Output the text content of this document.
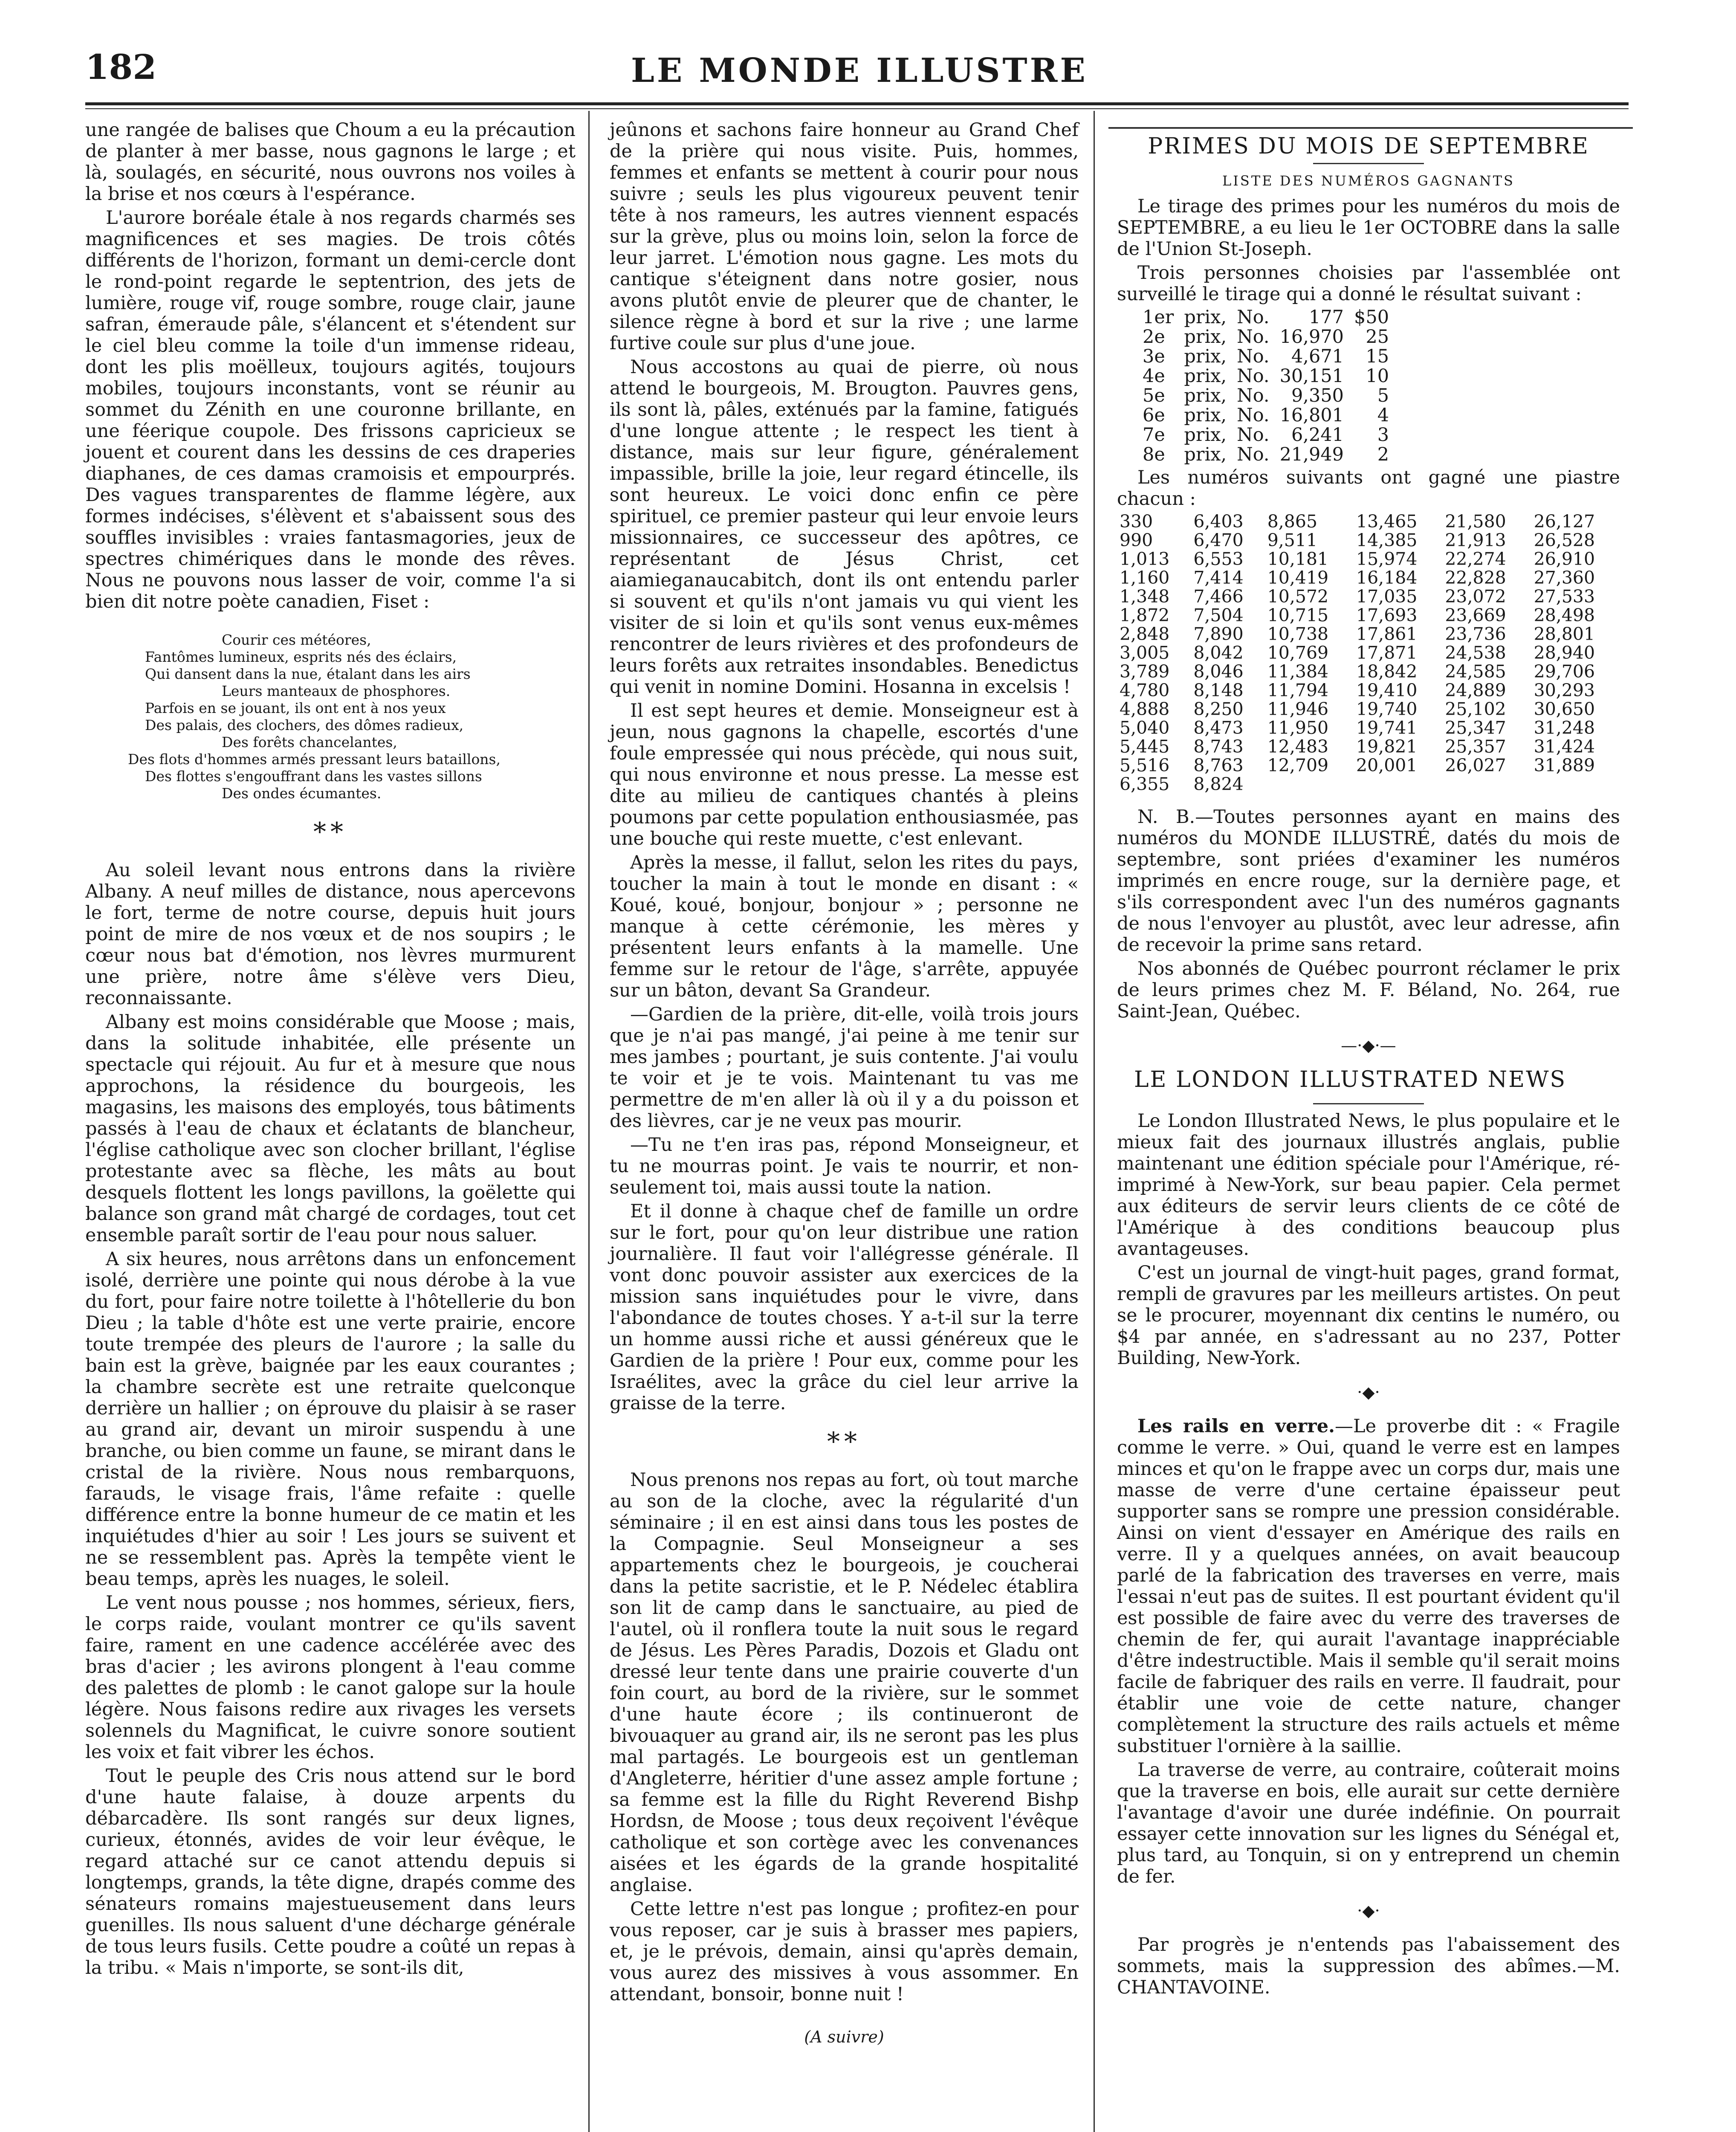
182	LE MONDE ILLUSTRE

une rangée de balises que Choum a eu la précaution de planter à mer basse, nous gagnons le large ; et là, soulagés, en sécurité, nous ouvrons nos voiles à la brise et nos cœurs à l'espérance.

L'aurore boréale étale à nos regards charmés ses magnificences et ses magies. De trois côtés différents de l'horizon, formant un demi-cercle dont le rond-point regarde le septentrion, des jets de lumière, rouge vif, rouge sombre, rouge clair, jaune safran, émeraude pâle, s'élancent et s'étendent sur le ciel bleu comme la toile d'un immense rideau, dont les plis moëlleux, toujours agités, toujours mobiles, toujours inconstants, vont se réunir au sommet du Zénith en une couronne brillante, en une féerique coupole. Des frissons capricieux se jouent et courent dans les dessins de ces draperies diaphanes, de ces damas cramoisis et empourprés. Des vagues transparentes de flamme légère, aux formes indécises, s'élèvent et s'abaissent sous des souffles invisibles : vraies fantasmagories, jeux de spectres chimériques dans le monde des rêves. Nous ne pouvons nous lasser de voir, comme l'a si bien dit notre poète canadien, Fiset :

Courir ces météores,
Fantômes lumineux, esprits nés des éclairs,
Qui dansent dans la nue, étalant dans les airs
Leurs manteaux de phosphores.
Parfois en se jouant, ils ont ent à nos yeux
Des palais, des clochers, des dômes radieux,
Des forêts chancelantes,
Des flots d'hommes armés pressant leurs bataillons,
Des flottes s'engouffrant dans les vastes sillons
Des ondes écumantes.
**

Au soleil levant nous entrons dans la rivière Albany. A neuf milles de distance, nous apercevons le fort, terme de notre course, depuis huit jours point de mire de nos vœux et de nos soupirs ; le cœur nous bat d'émotion, nos lèvres murmurent une prière, notre âme s'élève vers Dieu, reconnaissante.

Albany est moins considérable que Moose ; mais, dans la solitude inhabitée, elle présente un spectacle qui réjouit. Au fur et à mesure que nous approchons, la résidence du bourgeois, les magasins, les maisons des employés, tous bâtiments passés à l'eau de chaux et éclatants de blancheur, l'église catholique avec son clocher brillant, l'église protestante avec sa flèche, les mâts au bout desquels flottent les longs pavillons, la goëlette qui balance son grand mât chargé de cordages, tout cet ensemble paraît sortir de l'eau pour nous saluer.

A six heures, nous arrêtons dans un enfoncement isolé, derrière une pointe qui nous dérobe à la vue du fort, pour faire notre toilette à l'hôtellerie du bon Dieu ; la table d'hôte est une verte prairie, encore toute trempée des pleurs de l'aurore ; la salle du bain est la grève, baignée par les eaux courantes ; la chambre secrète est une retraite quelconque derrière un hallier ; on éprouve du plaisir à se raser au grand air, devant un miroir suspendu à une branche, ou bien comme un faune, se mirant dans le cristal de la rivière. Nous nous rembarquons, farauds, le visage frais, l'âme refaite : quelle différence entre la bonne humeur de ce matin et les inquiétudes d'hier au soir ! Les jours se suivent et ne se ressemblent pas. Après la tempête vient le beau temps, après les nuages, le soleil.

Le vent nous pousse ; nos hommes, sérieux, fiers, le corps raide, voulant montrer ce qu'ils savent faire, rament en une cadence accélérée avec des bras d'acier ; les avirons plongent à l'eau comme des palettes de plomb : le canot galope sur la houle légère. Nous faisons redire aux rivages les versets solennels du Magnificat, le cuivre sonore soutient les voix et fait vibrer les échos.

Tout le peuple des Cris nous attend sur le bord d'une haute falaise, à douze arpents du débarcadère. Ils sont rangés sur deux lignes, curieux, étonnés, avides de voir leur évêque, le regard attaché sur ce canot attendu depuis si longtemps, grands, la tête digne, drapés comme des sénateurs romains majestueusement dans leurs guenilles. Ils nous saluent d'une décharge générale de tous leurs fusils. Cette poudre a coûté un repas à la tribu. « Mais n'importe, se sont-ils dit,

jeûnons et sachons faire honneur au Grand Chef de la prière qui nous visite. Puis, hommes, femmes et enfants se mettent à courir pour nous suivre ; seuls les plus vigoureux peuvent tenir tête à nos rameurs, les autres viennent espacés sur la grève, plus ou moins loin, selon la force de leur jarret. L'émotion nous gagne. Les mots du cantique s'éteignent dans notre gosier, nous avons plutôt envie de pleurer que de chanter, le silence règne à bord et sur la rive ; une larme furtive coule sur plus d'une joue.

Nous accostons au quai de pierre, où nous attend le bourgeois, M. Brougton. Pauvres gens, ils sont là, pâles, exténués par la famine, fatigués d'une longue attente ; le respect les tient à distance, mais sur leur figure, généralement impassible, brille la joie, leur regard étincelle, ils sont heureux. Le voici donc enfin ce père spirituel, ce premier pasteur qui leur envoie leurs missionnaires, ce successeur des apôtres, ce représentant de Jésus Christ, cet aiamieganaucabitch, dont ils ont entendu parler si souvent et qu'ils n'ont jamais vu qui vient les visiter de si loin et qu'ils sont venus eux-mêmes rencontrer de leurs rivières et des profondeurs de leurs forêts aux retraites insondables. Benedictus qui venit in nomine Domini. Hosanna in excelsis !

Il est sept heures et demie. Monseigneur est à jeun, nous gagnons la chapelle, escortés d'une foule empressée qui nous précède, qui nous suit, qui nous environne et nous presse. La messe est dite au milieu de cantiques chantés à pleins poumons par cette population enthousiasmée, pas une bouche qui reste muette, c'est enlevant.

Après la messe, il fallut, selon les rites du pays, toucher la main à tout le monde en disant : « Koué, koué, bonjour, bonjour » ; personne ne manque à cette cérémonie, les mères y présentent leurs enfants à la mamelle. Une femme sur le retour de l'âge, s'arrête, appuyée sur un bâton, devant Sa Grandeur.

—Gardien de la prière, dit-elle, voilà trois jours que je n'ai pas mangé, j'ai peine à me tenir sur mes jambes ; pourtant, je suis contente. J'ai voulu te voir et je te vois. Maintenant tu vas me permettre de m'en aller là où il y a du poisson et des lièvres, car je ne veux pas mourir.

—Tu ne t'en iras pas, répond Monseigneur, et tu ne mourras point. Je vais te nourrir, et non-seulement toi, mais aussi toute la nation.

Et il donne à chaque chef de famille un ordre sur le fort, pour qu'on leur distribue une ration journalière. Il faut voir l'allégresse générale. Il vont donc pouvoir assister aux exercices de la mission sans inquiétudes pour le vivre, dans l'abondance de toutes choses. Y a-t-il sur la terre un homme aussi riche et aussi généreux que le Gardien de la prière ! Pour eux, comme pour les Israélites, avec la grâce du ciel leur arrive la graisse de la terre.

**

Nous prenons nos repas au fort, où tout marche au son de la cloche, avec la régularité d'un séminaire ; il en est ainsi dans tous les postes de la Compagnie. Seul Monseigneur a ses appartements chez le bourgeois, je coucherai dans la petite sacristie, et le P. Nédelec établira son lit de camp dans le sanctuaire, au pied de l'autel, où il ronflera toute la nuit sous le regard de Jésus. Les Pères Paradis, Dozois et Gladu ont dressé leur tente dans une prairie couverte d'un foin court, au bord de la rivière, sur le sommet d'une haute écore ; ils continueront de bivouaquer au grand air, ils ne seront pas les plus mal partagés. Le bourgeois est un gentleman d'Angleterre, héritier d'une assez ample fortune ; sa femme est la fille du Right Reverend Bishp Hordsn, de Moose ; tous deux reçoivent l'évêque catholique et son cortège avec les convenances aisées et les égards de la grande hospitalité anglaise.

Cette lettre n'est pas longue ; profitez-en pour vous reposer, car je suis à brasser mes papiers, et, je le prévois, demain, ainsi qu'après demain, vous aurez des missives à vous assommer. En attendant, bonsoir, bonne nuit !

(A suivre)
PRIMES DU MOIS DE SEPTEMBRE
LISTE DES NUMÉROS GAGNANTS

Le tirage des primes pour les numéros du mois de SEPTEMBRE, a eu lieu le 1er OCTOBRE dans la salle de l'Union St-Joseph.

Trois personnes choisies par l'assemblée ont surveillé le tirage qui a donné le résultat suivant :

1er	prix,	No.	177	$50
2e	prix,	No.	16,970	25
3e	prix,	No.	4,671	15
4e	prix,	No.	30,151	10
5e	prix,	No.	9,350	5
6e	prix,	No.	16,801	4
7e	prix,	No.	6,241	3
8e	prix,	No.	21,949	2

Les numéros suivants ont gagné une piastre chacun :

330	6,403	8,865	13,465	21,580	26,127
990	6,470	9,511	14,385	21,913	26,528
1,013	6,553	10,181	15,974	22,274	26,910
1,160	7,414	10,419	16,184	22,828	27,360
1,348	7,466	10,572	17,035	23,072	27,533
1,872	7,504	10,715	17,693	23,669	28,498
2,848	7,890	10,738	17,861	23,736	28,801
3,005	8,042	10,769	17,871	24,538	28,940
3,789	8,046	11,384	18,842	24,585	29,706
4,780	8,148	11,794	19,410	24,889	30,293
4,888	8,250	11,946	19,740	25,102	30,650
5,040	8,473	11,950	19,741	25,347	31,248
5,445	8,743	12,483	19,821	25,357	31,424
5,516	8,763	12,709	20,001	26,027	31,889
6,355	8,824				

N. B.—Toutes personnes ayant en mains des numéros du MONDE ILLUSTRÉ, datés du mois de septembre, sont priées d'examiner les numéros imprimés en encre rouge, sur la dernière page, et s'ils correspondent avec l'un des numéros gagnants de nous l'envoyer au plustôt, avec leur adresse, afin de recevoir la prime sans retard.

Nos abonnés de Québec pourront réclamer le prix de leurs primes chez M. F. Béland, No. 264, rue Saint-Jean, Québec.

—·◆·—
LE LONDON ILLUSTRATED NEWS

Le London Illustrated News, le plus populaire et le mieux fait des journaux illustrés anglais, publie maintenant une édition spéciale pour l'Amérique, ré-imprimé à New-York, sur beau papier. Cela permet aux éditeurs de servir leurs clients de ce côté de l'Amérique à des conditions beaucoup plus avantageuses.

C'est un journal de vingt-huit pages, grand format, rempli de gravures par les meilleurs artistes. On peut se le procurer, moyennant dix centins le numéro, ou $4 par année, en s'adressant au no 237, Potter Building, New-York.

·◆·

Les rails en verre.—Le proverbe dit : « Fragile comme le verre. » Oui, quand le verre est en lampes minces et qu'on le frappe avec un corps dur, mais une masse de verre d'une certaine épaisseur peut supporter sans se rompre une pression considérable. Ainsi on vient d'essayer en Amérique des rails en verre. Il y a quelques années, on avait beaucoup parlé de la fabrication des traverses en verre, mais l'essai n'eut pas de suites. Il est pourtant évident qu'il est possible de faire avec du verre des traverses de chemin de fer, qui aurait l'avantage inappréciable d'être indestructible. Mais il semble qu'il serait moins facile de fabriquer des rails en verre. Il faudrait, pour établir une voie de cette nature, changer complètement la structure des rails actuels et même substituer l'ornière à la saillie.

La traverse de verre, au contraire, coûterait moins que la traverse en bois, elle aurait sur cette dernière l'avantage d'avoir une durée indéfinie. On pourrait essayer cette innovation sur les lignes du Sénégal et, plus tard, au Tonquin, si on y entreprend un chemin de fer.

·◆·

Par progrès je n'entends pas l'abaissement des sommets, mais la suppression des abîmes.—M. CHANTAVOINE.
